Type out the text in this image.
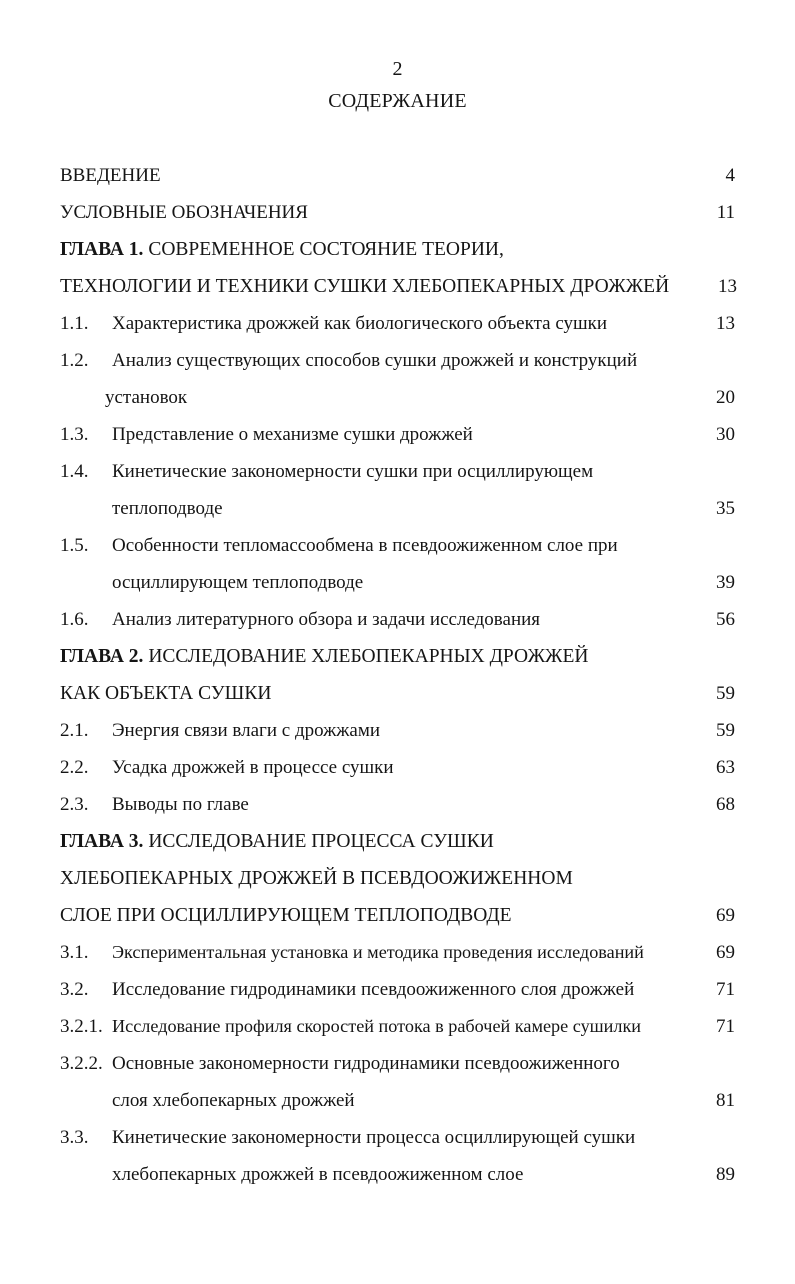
2
СОДЕРЖАНИЕ
ВВЕДЕНИЕ	4
УСЛОВНЫЕ ОБОЗНАЧЕНИЯ	11
ГЛАВА 1. СОВРЕМЕННОЕ СОСТОЯНИЕ ТЕОРИИ,
ТЕХНОЛОГИИ И ТЕХНИКИ СУШКИ ХЛЕБОПЕКАРНЫХ ДРОЖЖЕЙ	13
1.1. Характеристика дрожжей как биологического объекта сушки	13
1.2. Анализ существующих способов сушки дрожжей и конструкций
установок	20
1.3. Представление о механизме сушки дрожжей	30
1.4. Кинетические закономерности сушки при осциллирующем
теплоподводе	35
1.5. Особенности тепломассообмена в псевдоожиженном слое при
осциллирующем теплоподводе	39
1.6. Анализ литературного обзора и задачи исследования	56
ГЛАВА 2. ИССЛЕДОВАНИЕ ХЛЕБОПЕКАРНЫХ ДРОЖЖЕЙ
КАК ОБЪЕКТА СУШКИ	59
2.1. Энергия связи влаги с дрожжами	59
2.2. Усадка дрожжей в процессе сушки	63
2.3. Выводы по главе	68
ГЛАВА 3. ИССЛЕДОВАНИЕ ПРОЦЕССА СУШКИ
ХЛЕБОПЕКАРНЫХ ДРОЖЖЕЙ В ПСЕВДООЖИЖЕННОМ
СЛОЕ ПРИ ОСЦИЛЛИРУЮЩЕМ ТЕПЛОПОДВОДЕ	69
3.1. Экспериментальная установка и методика проведения исследований	69
3.2. Исследование гидродинамики псевдоожиженного слоя дрожжей	71
3.2.1. Исследование профиля скоростей потока в рабочей камере сушилки	71
3.2.2. Основные закономерности гидродинамики псевдоожиженного
слоя хлебопекарных дрожжей	81
3.3. Кинетические закономерности процесса осциллирующей сушки
хлебопекарных дрожжей в псевдоожиженном слое	89
